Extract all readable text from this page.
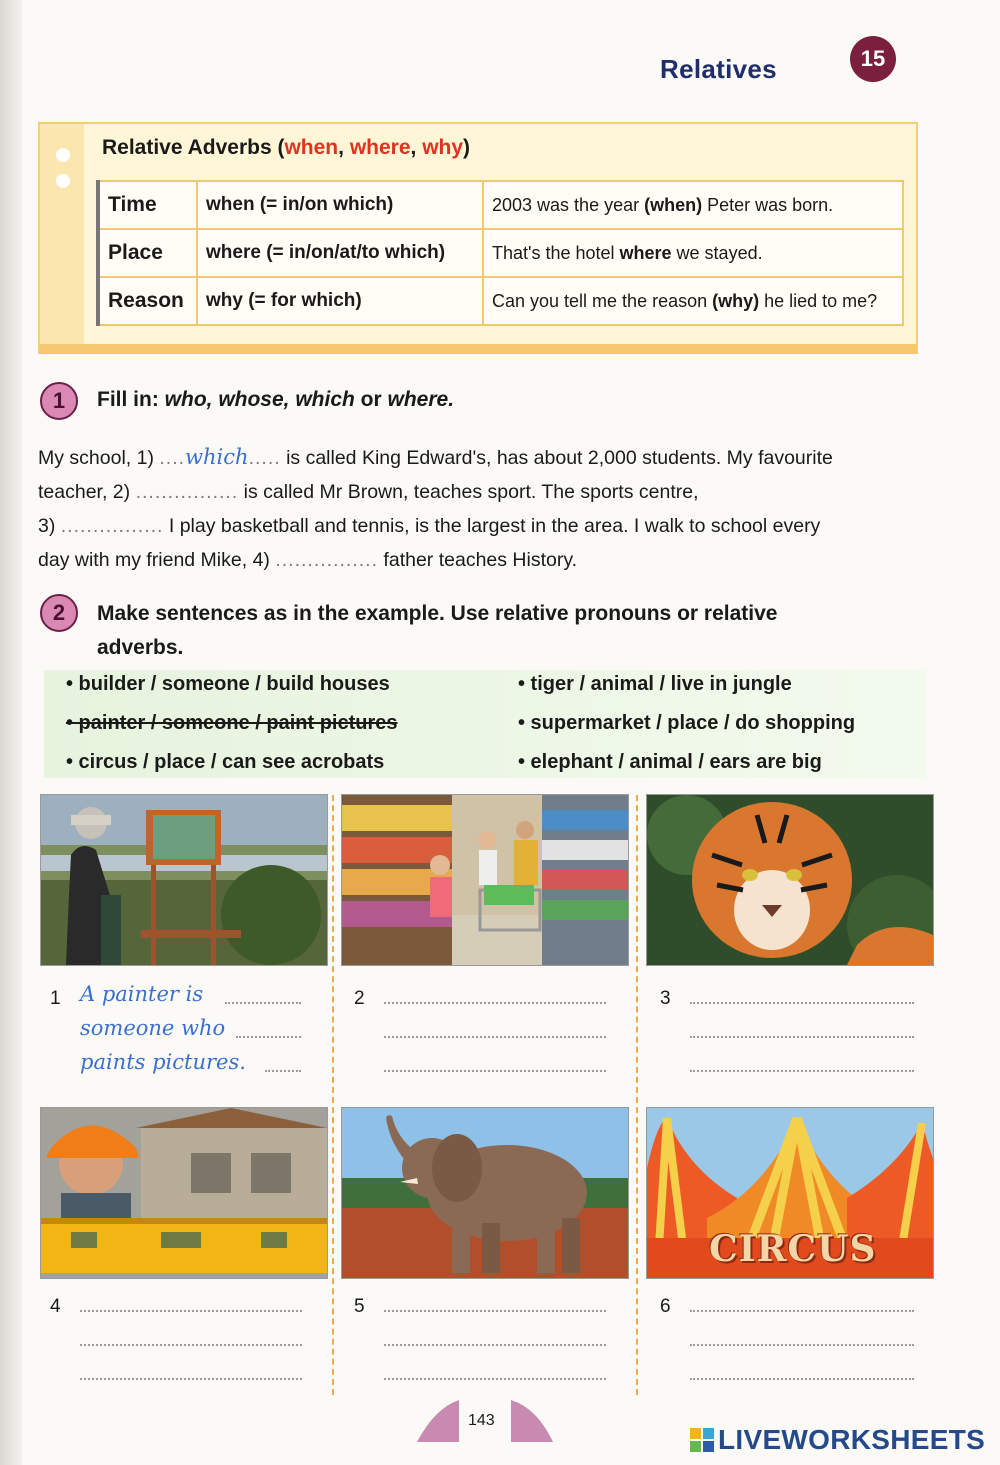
Relatives	15
Relative Adverbs (when, where, why)
Time	when (= in/on which)	2003 was the year (when) Peter was born.
Place	where (= in/on/at/to which)	That's the hotel where we stayed.
Reason	why (= for which)	Can you tell me the reason (why) he lied to me?
1	Fill in: who, whose, which or where.
My school, 1) ....which..... is called King Edward's, has about 2,000 students. My favourite
teacher, 2) ................ is called Mr Brown, teaches sport. The sports centre,
3) ................ I play basketball and tennis, is the largest in the area. I walk to school every
day with my friend Mike, 4) ................ father teaches History.
2	Make sentences as in the example. Use relative pronouns or relative
adverbs.
• builder / someone / build houses
• painter / someone / paint pictures
• circus / place / can see acrobats
• tiger / animal / live in jungle
• supermarket / place / do shopping
• elephant / animal / ears are big
1 A painter is
someone who
paints pictures.
2	3
CIRCUS
4	5	6
143
LIVEWORKSHEETS
